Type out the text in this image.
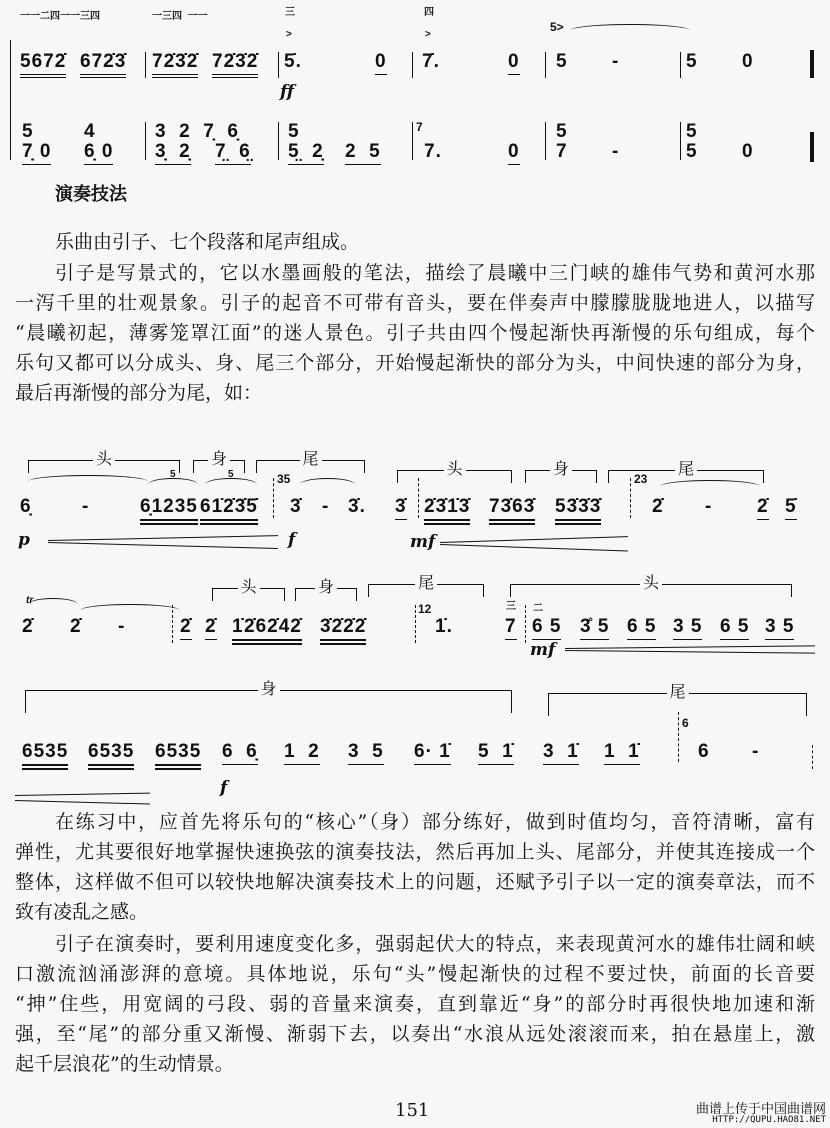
一一二四一一三四	一三四  一一
5672̇ 672̇3̇ 72̇3̇2̇ 72̇3̇2̇
三
>
5̇.	0
ff
四
>
7̇.	0
5>
5 -	5 0
5
7̣ 0
4
6̣ 0
3  2  7̣  6̣
3̣  2̣ 7̤  6̤
5
5̤  2̣ 2  5
7
7.	0
5
7 -
5
5 0
演奏技法
乐曲由引子、七个段落和尾声组成。
引子是写景式的，它以水墨画般的笔法，描绘了晨曦中三门峡的雄伟气势和黄河水那
一泻千里的壮观景象。引子的起音不可带有音头，要在伴奏声中朦朦胧胧地进人，以描写
“晨曦初起，薄雾笼罩江面”的迷人景色。引子共由四个慢起渐快再渐慢的乐句组成，每个
乐句又都可以分成头、身、尾三个部分，开始慢起渐快的部分为头，中间快速的部分为身，
最后再渐慢的部分为尾，如：
头	身	尾
头	身	尾
5	5
6̣	-	6̣1235 61̇2̇3̇5̇
35
3̇ - 3̇. 3̇ 2̇3̇1̇3̇ 73̇63̇ 53̇3̇3̇
23
2̇ - 2̇ 5̇
p	f	mf
头	身	尾	头
tr
2̇ 2̇ -	2̇ 2̇ 1̇ 2̇62̇42̇ 3̇2̇2̇2̇
12
1̇.
三
7
二
6 5 3̊ 5 6 5 3 5 6 5 3 5
mf
身	尾
6535 6535 6535 6  6̣ 1  2 3  5 6· 1̇ 5  1̇ 3  1̇ 1  1̇
6
6 -
f
在练习中，应首先将乐句的“核心”（身）部分练好，做到时值均匀，音符清晰，富有
弹性，尤其要很好地掌握快速换弦的演奏技法，然后再加上头、尾部分，并使其连接成一个
整体，这样做不但可以较快地解决演奏技术上的问题，还赋予引子以一定的演奏章法，而不
致有凌乱之感。
引子在演奏时，要利用速度变化多，强弱起伏大的特点，来表现黄河水的雄伟壮阔和峡
口激流汹涌澎湃的意境。具体地说，乐句“头”慢起渐快的过程不要过快，前面的长音要
“抻”住些，用宽阔的弓段、弱的音量来演奏，直到靠近“身”的部分时再很快地加速和渐
强，至“尾”的部分重又渐慢、渐弱下去，以奏出“水浪从远处滚滚而来，拍在悬崖上，激
起千层浪花”的生动情景。
151	曲谱上传于中国曲谱网
HTTP://QUPU.HAO81.NET
